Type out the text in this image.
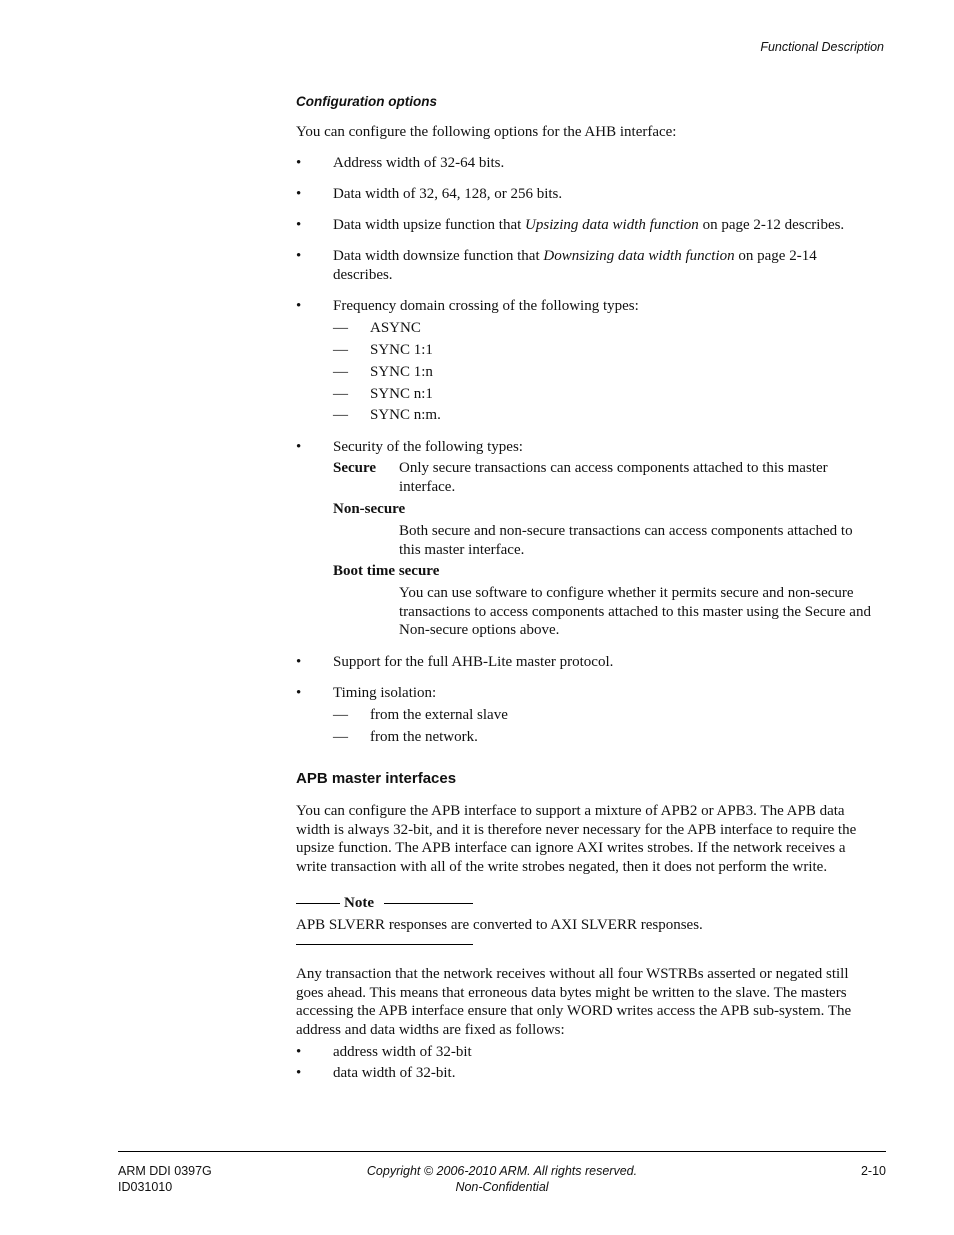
Functional Description
Configuration options
You can configure the following options for the AHB interface:
• Address width of 32-64 bits.
• Data width of 32, 64, 128, or 256 bits.
• Data width upsize function that Upsizing data width function on page 2-12 describes.
• Data width downsize function that Downsizing data width function on page 2-14
describes.
• Frequency domain crossing of the following types:
— ASYNC
— SYNC 1:1
— SYNC 1:n
— SYNC n:1
— SYNC n:m.
• Security of the following types:
Secure Only secure transactions can access components attached to this master
interface.
Non-secure
Both secure and non-secure transactions can access components attached to
this master interface.
Boot time secure
You can use software to configure whether it permits secure and non-secure
transactions to access components attached to this master using the Secure and
Non-secure options above.
• Support for the full AHB-Lite master protocol.
• Timing isolation:
— from the external slave
— from the network.
APB master interfaces
You can configure the APB interface to support a mixture of APB2 or APB3. The APB data
width is always 32-bit, and it is therefore never necessary for the APB interface to require the
upsize function. The APB interface can ignore AXI writes strobes. If the network receives a
write transaction with all of the write strobes negated, then it does not perform the write.
Note
APB SLVERR responses are converted to AXI SLVERR responses.
Any transaction that the network receives without all four WSTRBs asserted or negated still
goes ahead. This means that erroneous data bytes might be written to the slave. The masters
accessing the APB interface ensure that only WORD writes access the APB sub-system. The
address and data widths are fixed as follows:
• address width of 32-bit
• data width of 32-bit.
ARM DDI 0397G
ID031010
Copyright © 2006-2010 ARM. All rights reserved.
Non-Confidential
2-10
